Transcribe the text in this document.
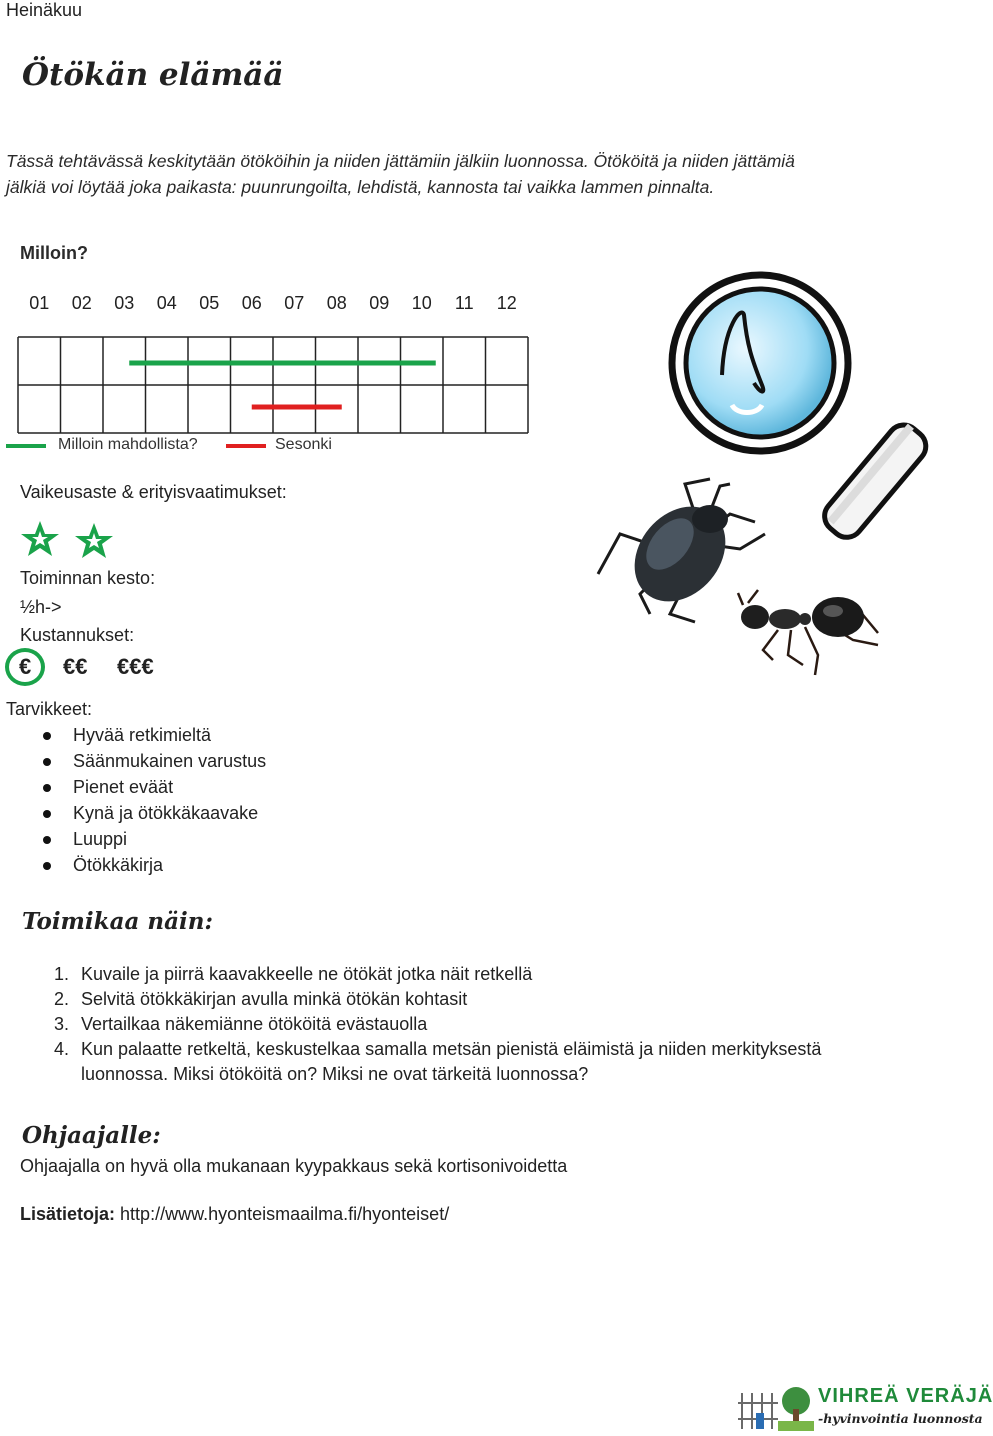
Heinäkuu
Ötökän elämää
Tässä tehtävässä keskitytään ötököihin ja niiden jättämiin jälkiin luonnossa. Ötököitä ja niiden jättämiä
jälkiä voi löytää joka paikasta: puunrungoilta, lehdistä, kannosta tai vaikka lammen pinnalta.
Milloin?
01 02 03 04 05 06 07 08 09 10 11 12
Milloin mahdollista?	Sesonki
Vaikeusaste & erityisvaatimukset:
Toiminnan kesto:
½h->
Kustannukset:
€ €€ €€€
Tarvikkeet:
Hyvää retkimieltä
Säänmukainen varustus
Pienet eväät
Kynä ja ötökkäkaavake
Luuppi
Ötökkäkirja
Toimikaa näin:
1. Kuvaile ja piirrä kaavakkeelle ne ötökät jotka näit retkellä
2. Selvitä ötökkäkirjan avulla minkä ötökän kohtasit
3. Vertailkaa näkemiänne ötököitä evästauolla
4. Kun palaatte retkeltä, keskustelkaa samalla metsän pienistä eläimistä ja niiden merkityksestä luonnossa. Miksi ötököitä on? Miksi ne ovat tärkeitä luonnossa?
Ohjaajalle:
Ohjaajalla on hyvä olla mukanaan kyypakkaus sekä kortisonivoidetta
Lisätietoja: http://www.hyonteismaailma.fi/hyonteiset/
VIHREÄ VERÄJÄ
-hyvinvointia luonnosta
